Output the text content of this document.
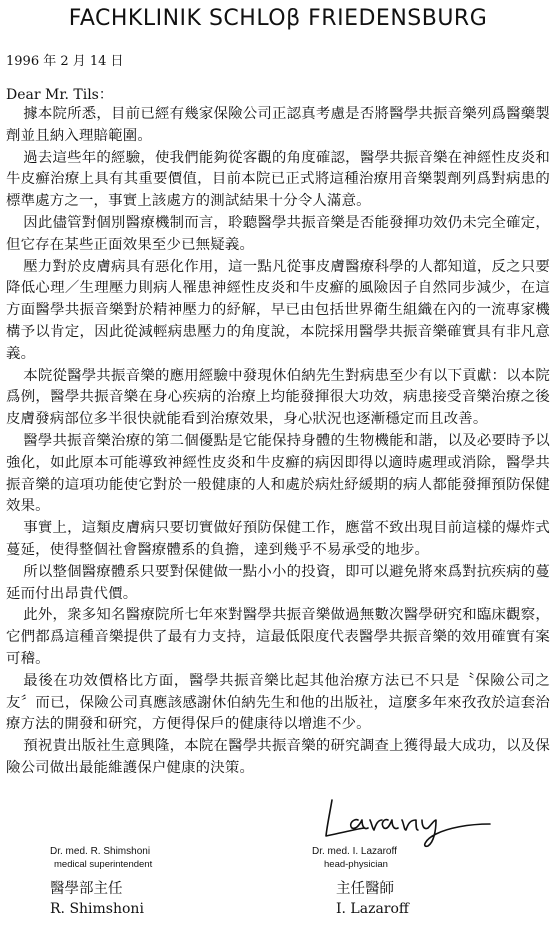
FACHKLINIK SCHLOβ FRIEDENSBURG
1996 年 2 月 14 日
Dear Mr. Tils：

據本院所悉，目前已經有幾家保險公司正認真考慮是否將醫學共振音樂列爲醫藥製劑並且納入理賠範圍。

過去這些年的經驗，使我們能夠從客觀的角度確認，醫學共振音樂在神經性皮炎和牛皮癬治療上具有其重要價值，目前本院已正式將這種治療用音樂製劑列爲對病患的標準處方之一，事實上該處方的測試結果十分令人滿意。

因此儘管對個別醫療機制而言，聆聽醫學共振音樂是否能發揮功效仍未完全確定，但它存在某些正面效果至少已無疑義。

壓力對於皮膚病具有惡化作用，這一點凡從事皮膚醫療科學的人都知道，反之只要降低心理／生理壓力則病人罹患神經性皮炎和牛皮癬的風險因子自然同步減少，在這方面醫學共振音樂對於精神壓力的紓解，早已由包括世界衛生組織在內的一流專家機構予以肯定，因此從減輕病患壓力的角度說，本院採用醫學共振音樂確實具有非凡意義。

本院從醫學共振音樂的應用經驗中發現休伯納先生對病患至少有以下貢獻：以本院爲例，醫學共振音樂在身心疾病的治療上均能發揮很大功效，病患接受音樂治療之後皮膚發病部位多半很快就能看到治療效果，身心狀況也逐漸穩定而且改善。

醫學共振音樂治療的第二個優點是它能保持身體的生物機能和諧，以及必要時予以強化，如此原本可能導致神經性皮炎和牛皮癬的病因即得以適時處理或消除，醫學共振音樂的這項功能使它對於一般健康的人和處於病灶紓緩期的病人都能發揮預防保健效果。

事實上，這類皮膚病只要切實做好預防保健工作，應當不致出現目前這樣的爆炸式蔓延，使得整個社會醫療體系的負擔，達到幾乎不易承受的地步。

所以整個醫療體系只要對保健做一點小小的投資，即可以避免將來爲對抗疾病的蔓延而付出昂貴代價。

此外，衆多知名醫療院所七年來對醫學共振音樂做過無數次醫學研究和臨床觀察，它們都爲這種音樂提供了最有力支持，這最低限度代表醫學共振音樂的效用確實有案可稽。

最後在功效價格比方面，醫學共振音樂比起其他治療方法已不只是〝保險公司之友〞而已，保險公司真應該感謝休伯納先生和他的出版社，這麼多年來孜孜於這套治療方法的開發和研究，方便得保戶的健康待以增進不少。

預祝貴出版社生意興隆，本院在醫學共振音樂的研究調查上獲得最大成功，以及保險公司做出最能維護保户健康的決策。

Dr. med. R. Shimshoni
medical superintendent
醫學部主任
R. Shimshoni
Dr. med. I. Lazaroff
head-physician
主任醫師
I. Lazaroff
